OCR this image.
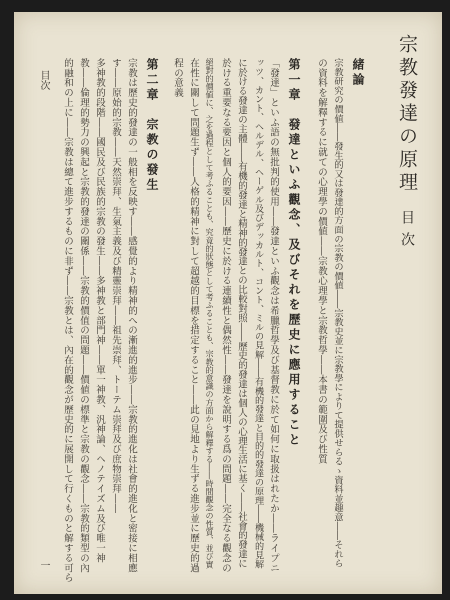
宗教發達の原理
目次
緒論
宗教研究の價値――發生的又は發達的方面の宗教の價値――宗教史並に宗教學によりて提供せらるゝ資料並趣意――それら
の資料を解釋するに就ての心理學の價値――宗教心理學と宗教哲學――本書の範圍及び性質
第一章　發達といふ觀念、及びそれを歷史に應用すること
「發達」といふ語の無批判的使用――發達といふ觀念は希臘哲學及び基督教に於て如何に取扱はれたか――ライプニ
ッツ、カント、ヘルデル、ヘーゲル及びデッカルト、コント、ミルの見解――有機的發達と目的的發達の原理――機械的見解
に於ける發達の主體――有機的發達と精神的發達との比較對照――歷史的發達は個人の心理生活に基く――社會的發達に
於ける重要なる要因と個人的要因――歷史に於ける連續性と偶然性――發達を說明する爲の問題――完全なる觀念の
絕對的價値に、之を過程として考ふることも、究竟的狀態として考ふることも、宗教的意識の方面から解釋する――時間觀念の性質、並び實
在性に關して問題生ず――人格的精神に對して超越的目標を措定すること――此の見地より生ずる進步並に歷史的過
程の意義
第二章　宗教の發生
宗教は歷史的發達の一般相を反映す――感覺的より精神的への漸進的進步――宗教的進化は社會的進化と密接に相應
す――原始的宗教――天然崇拜、生氣主義及び精靈崇拜――祖先崇拜、トーテム崇拜及び庶物崇拜――
多神教的段階――國民及び民族的宗教の發生――多神教と部門神――單一神教、汎神論、ヘノテイズム及び唯一神
教――倫理的勢力の興起と宗教的發達の關係――宗教的價值の問題――價値の標準と宗教の觀念――宗教的類型の內
的融和の上に――宗教は總て進步するものに非ず――宗教とは、內在的觀念が歷史的に展開して行くものと解する可ら
目次
一
